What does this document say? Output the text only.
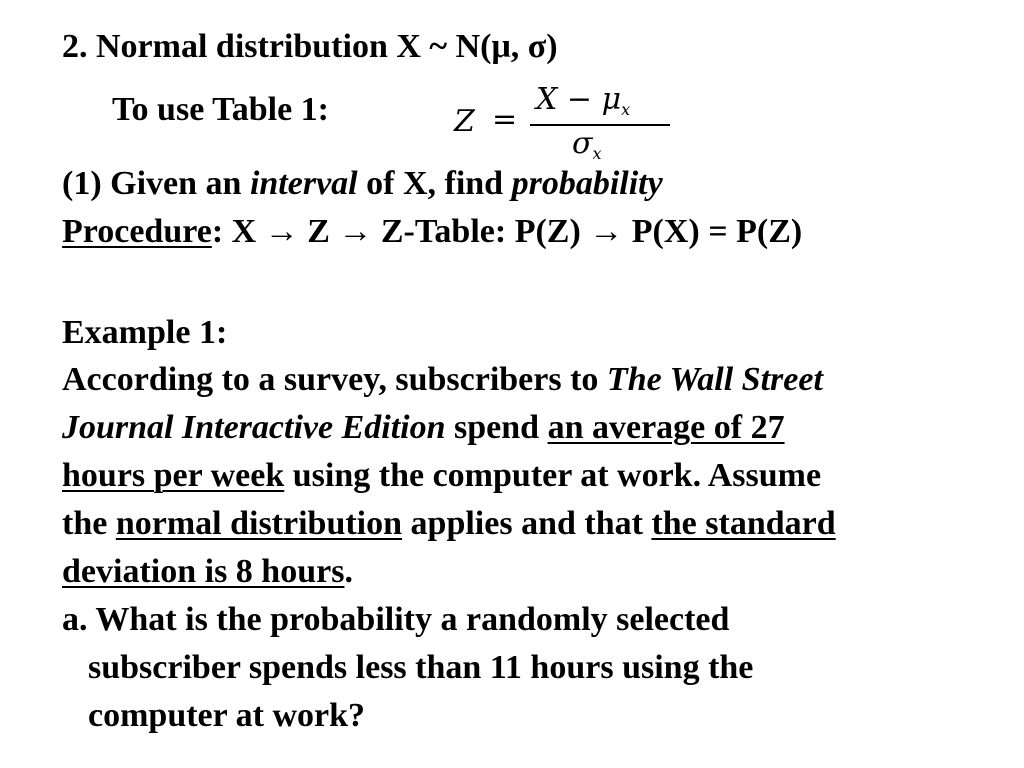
2. Normal distribution X ~ N(μ, σ)
To use Table 1:	Z =
$X - \mu_x$
$\sigma_x$
(1) Given an interval of X, find probability
Procedure: X → Z → Z-Table: P(Z) → P(X) = P(Z)
Example 1:
According to a survey, subscribers to The Wall Street
Journal Interactive Edition spend an average of 27
hours per week using the computer at work. Assume
the normal distribution applies and that the standard
deviation is 8 hours.
a. What is the probability a randomly selected
subscriber spends less than 11 hours using the
computer at work?
